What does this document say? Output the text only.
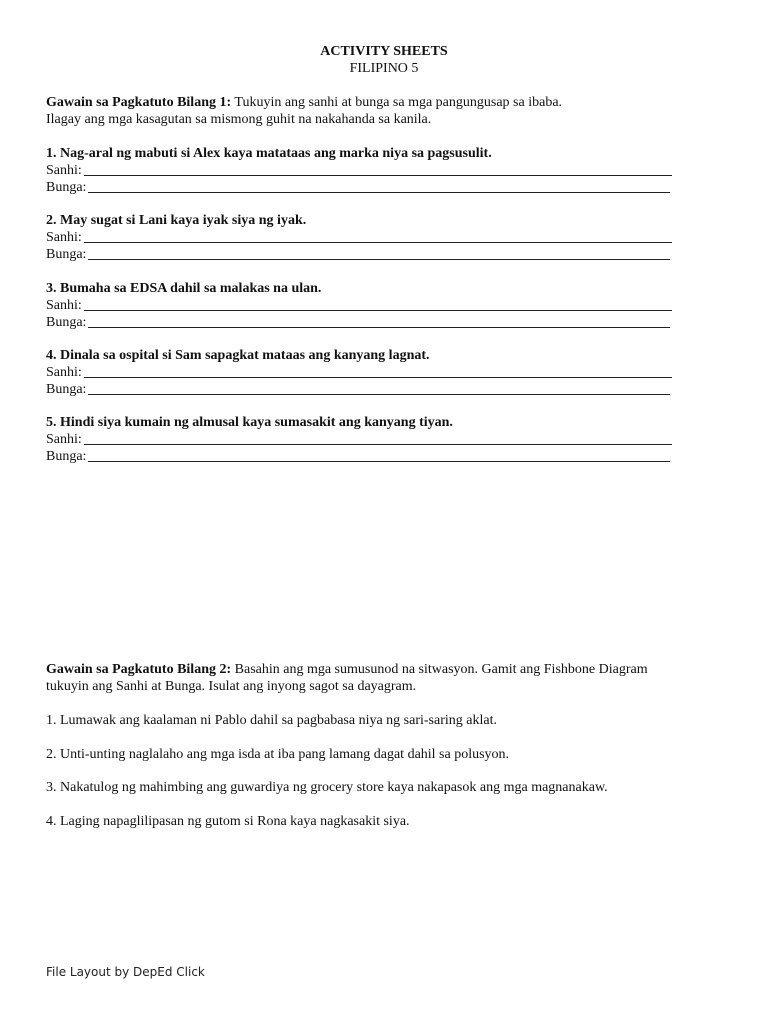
ACTIVITY SHEETS
FILIPINO 5
Gawain sa Pagkatuto Bilang 1: Tukuyin ang sanhi at bunga sa mga pangungusap sa ibaba.
Ilagay ang mga kasagutan sa mismong guhit na nakahanda sa kanila.
1. Nag-aral ng mabuti si Alex kaya matataas ang marka niya sa pagsusulit.
Sanhi:
Bunga:
2. May sugat si Lani kaya iyak siya ng iyak.
Sanhi:
Bunga:
3. Bumaha sa EDSA dahil sa malakas na ulan.
Sanhi:
Bunga:
4. Dinala sa ospital si Sam sapagkat mataas ang kanyang lagnat.
Sanhi:
Bunga:
5. Hindi siya kumain ng almusal kaya sumasakit ang kanyang tiyan.
Sanhi:
Bunga:
Gawain sa Pagkatuto Bilang 2: Basahin ang mga sumusunod na sitwasyon. Gamit ang Fishbone Diagram
tukuyin ang Sanhi at Bunga. Isulat ang inyong sagot sa dayagram.
1. Lumawak ang kaalaman ni Pablo dahil sa pagbabasa niya ng sari-saring aklat.
2. Unti-unting naglalaho ang mga isda at iba pang lamang dagat dahil sa polusyon.
3. Nakatulog ng mahimbing ang guwardiya ng grocery store kaya nakapasok ang mga magnanakaw.
4. Laging napaglilipasan ng gutom si Rona kaya nagkasakit siya.
File Layout by DepEd Click
